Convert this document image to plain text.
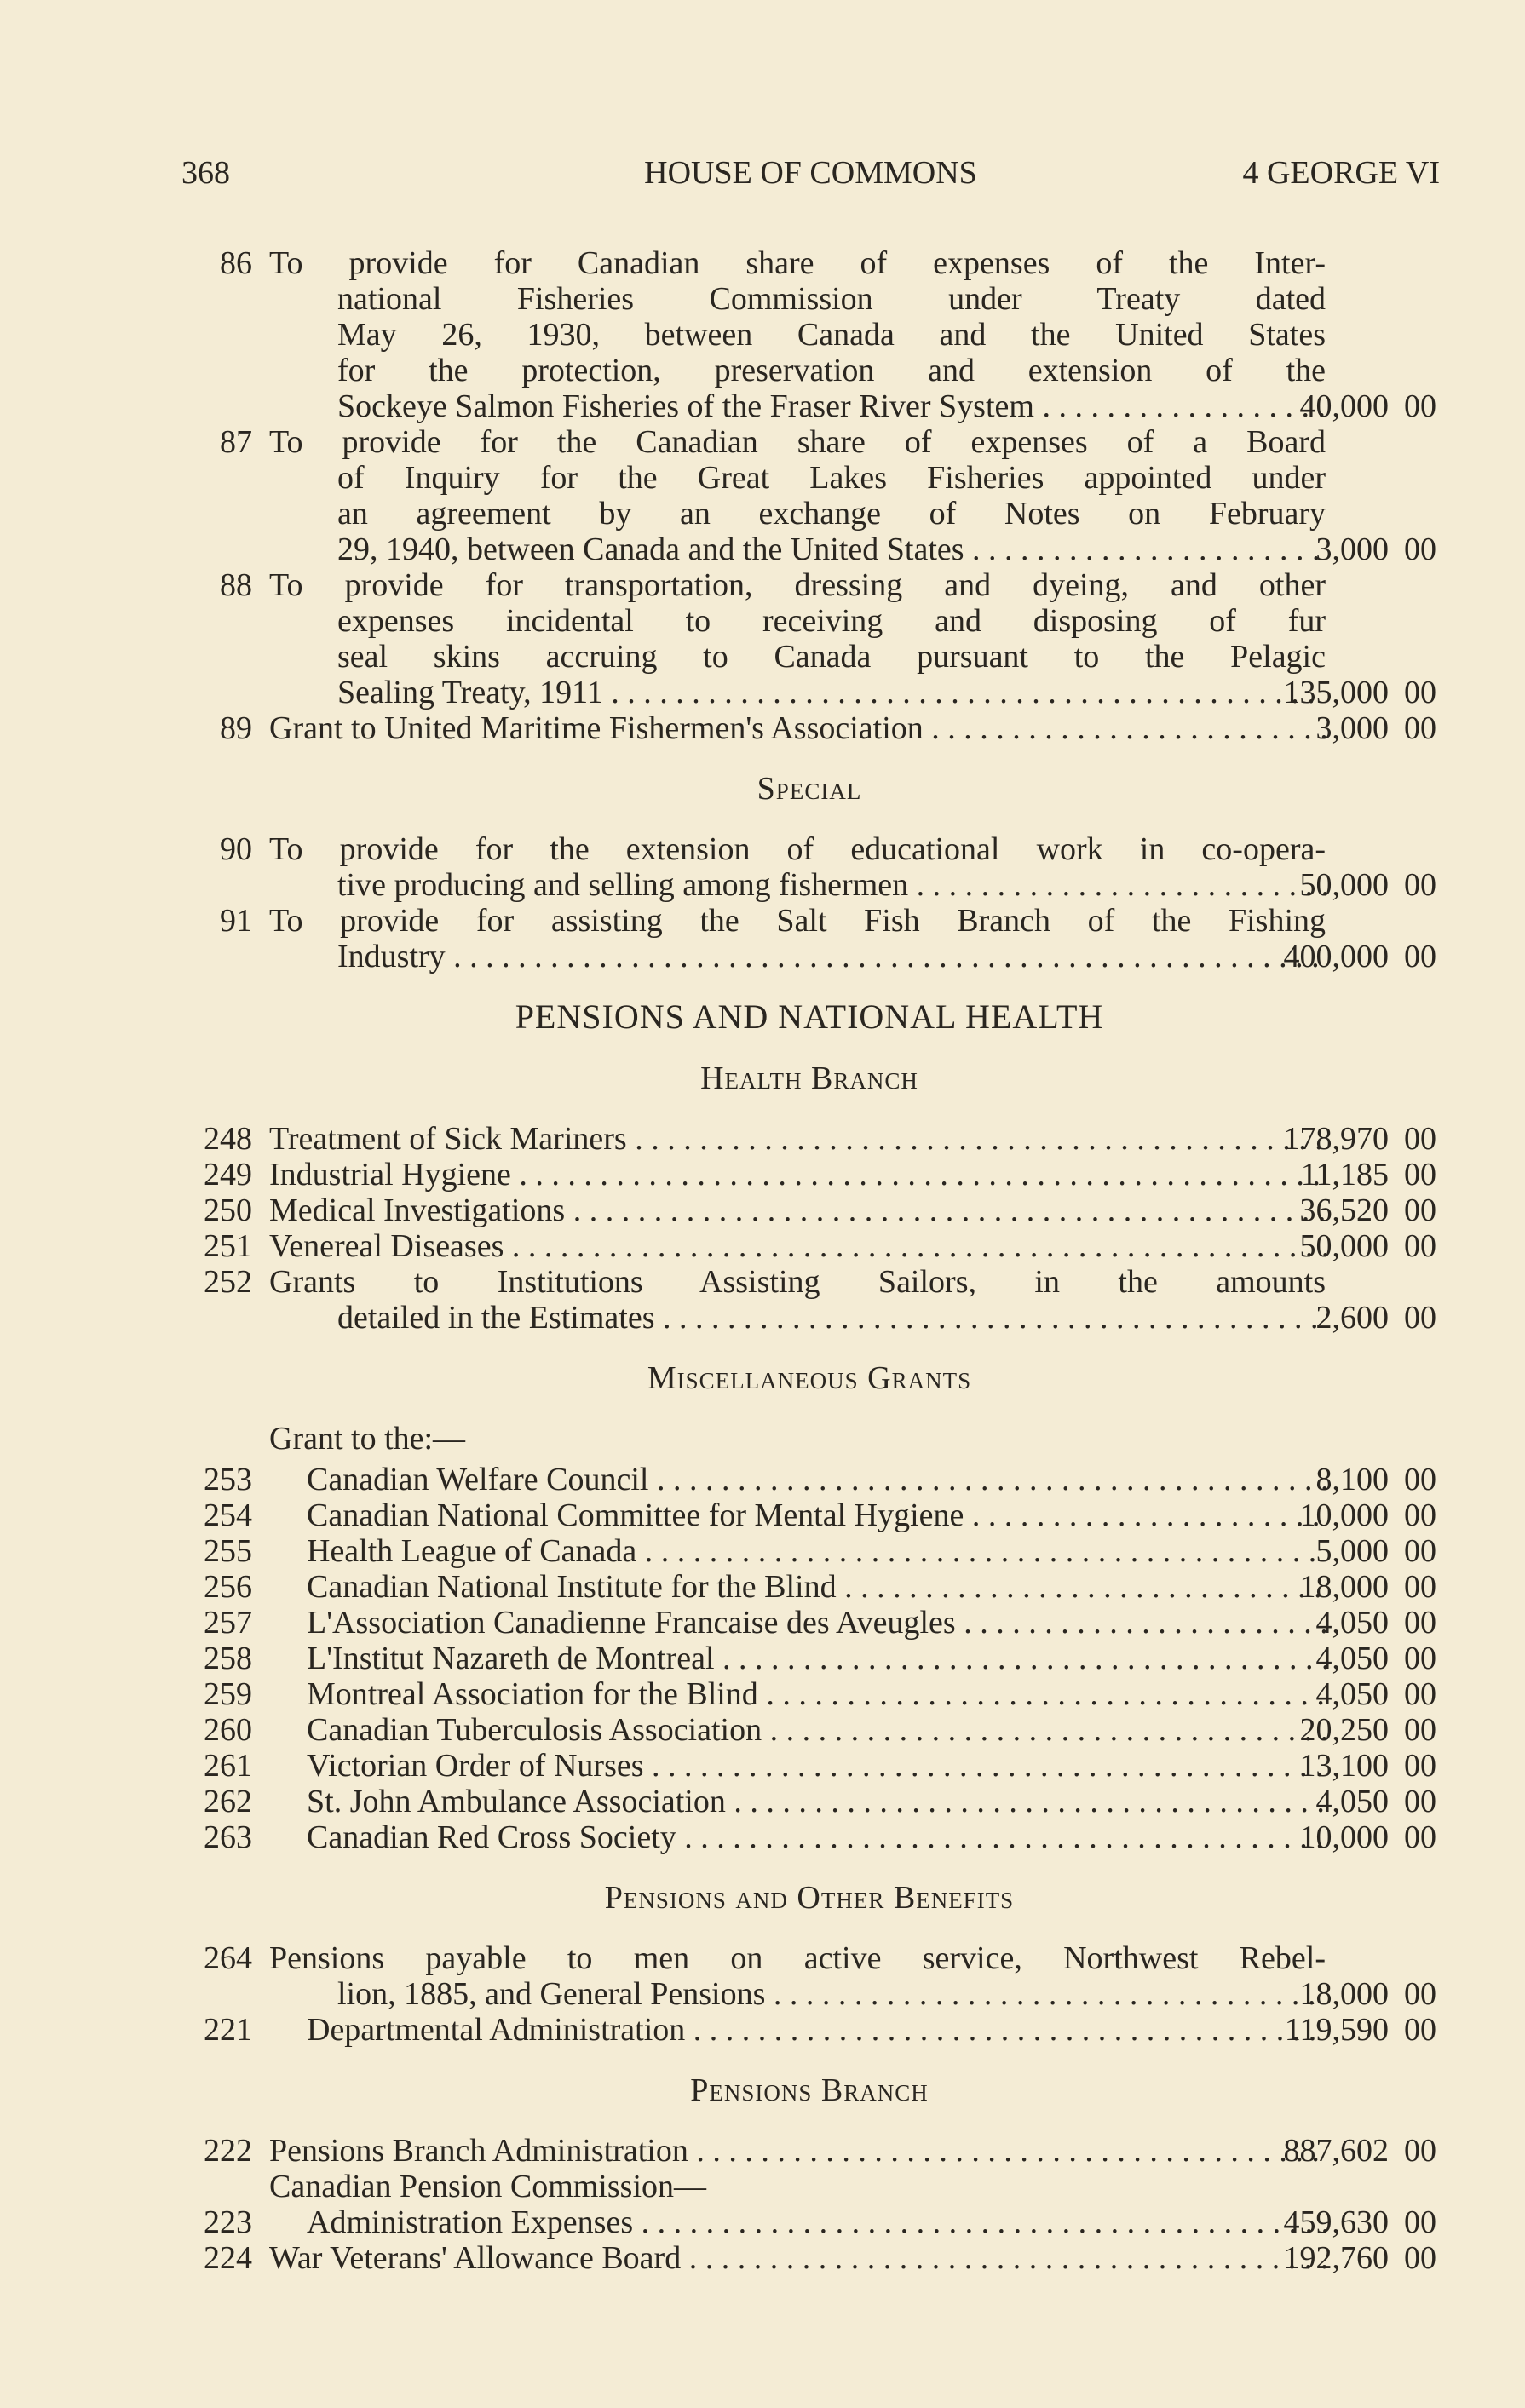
368	HOUSE OF COMMONS	4 GEORGE VI
86 To provide for Canadian share of expenses of the Inter-
national Fisheries Commission under Treaty dated
May 26, 1930, between Canada and the United States
for the protection, preservation and extension of the
Sockeye Salmon Fisheries of the Fraser River System . . .	40,000 00
87 To provide for the Canadian share of expenses of a Board
of Inquiry for the Great Lakes Fisheries appointed under
an agreement by an exchange of Notes on February
29, 1940, between Canada and the United States . . .	3,000 00
88 To provide for transportation, dressing and dyeing, and other
expenses incidental to receiving and disposing of fur
seal skins accruing to Canada pursuant to the Pelagic
Sealing Treaty, 1911 . . .	135,000 00
89 Grant to United Maritime Fishermen's Association . . .	3,000 00

Special

90 To provide for the extension of educational work in co-opera-
tive producing and selling among fishermen . . .	50,000 00
91 To provide for assisting the Salt Fish Branch of the Fishing
Industry . . .	400,000 00

PENSIONS AND NATIONAL HEALTH

Health Branch

248 Treatment of Sick Mariners . . .	178,970 00
249 Industrial Hygiene . . .	11,185 00
250 Medical Investigations . . .	36,520 00
251 Venereal Diseases . . .	50,000 00
252 Grants to Institutions Assisting Sailors, in the amounts
detailed in the Estimates . . .	2,600 00

Miscellaneous Grants

Grant to the:—
253 Canadian Welfare Council . . .	8,100 00
254 Canadian National Committee for Mental Hygiene . . .	10,000 00
255 Health League of Canada . . .	5,000 00
256 Canadian National Institute for the Blind . . .	18,000 00
257 L'Association Canadienne Francaise des Aveugles . . .	4,050 00
258 L'Institut Nazareth de Montreal . . .	4,050 00
259 Montreal Association for the Blind . . .	4,050 00
260 Canadian Tuberculosis Association . . .	20,250 00
261 Victorian Order of Nurses . . .	13,100 00
262 St. John Ambulance Association . . .	4,050 00
263 Canadian Red Cross Society . . .	10,000 00

Pensions and Other Benefits

264 Pensions payable to men on active service, Northwest Rebel-
lion, 1885, and General Pensions . . .	18,000 00
221 Departmental Administration . . .	119,590 00

Pensions Branch

222 Pensions Branch Administration . . .	887,602 00
Canadian Pension Commission—
223 Administration Expenses . . .	459,630 00
224 War Veterans' Allowance Board . . .	192,760 00
